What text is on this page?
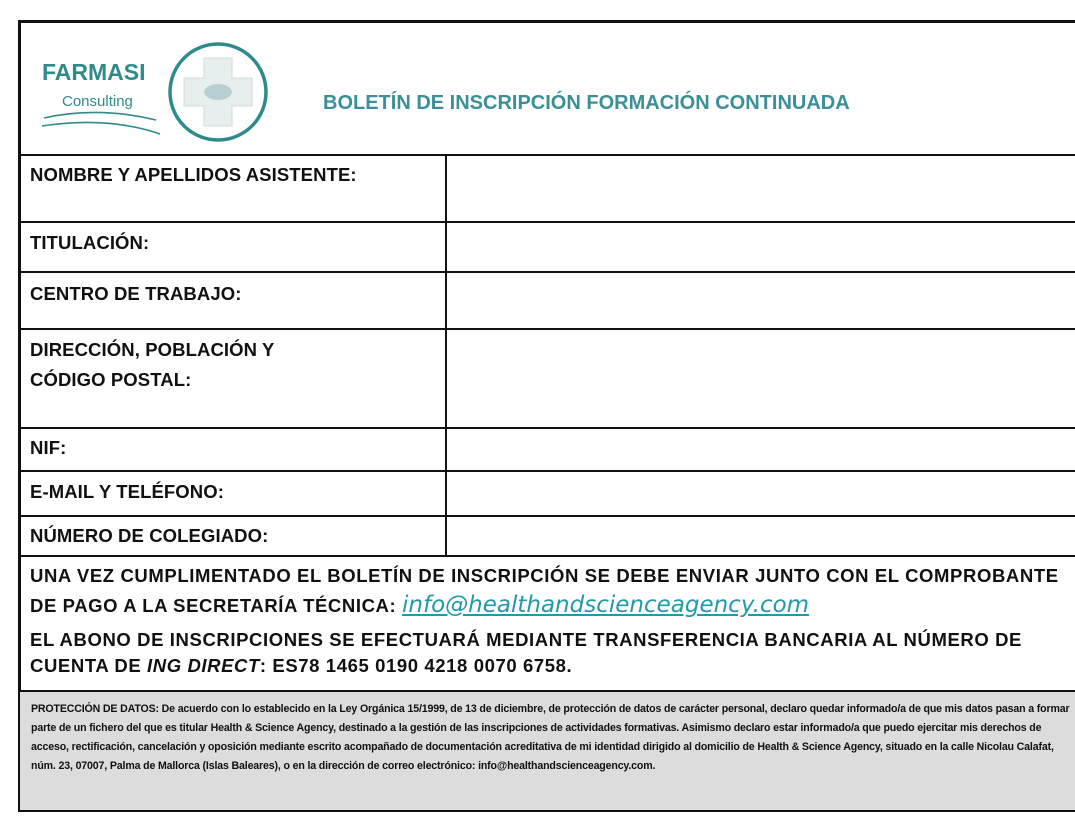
FARMASI
Consulting	BOLETÍN DE INSCRIPCIÓN FORMACIÓN CONTINUADA
NOMBRE Y APELLIDOS ASISTENTE:
TITULACIÓN:
CENTRO DE TRABAJO:
DIRECCIÓN, POBLACIÓN Y
CÓDIGO POSTAL:
NIF:
E-MAIL Y TELÉFONO:
NÚMERO DE COLEGIADO:
UNA VEZ CUMPLIMENTADO EL BOLETÍN DE INSCRIPCIÓN SE DEBE ENVIAR JUNTO CON EL COMPROBANTE
DE PAGO A LA SECRETARÍA TÉCNICA: info@healthandscienceagency.com
EL ABONO DE INSCRIPCIONES SE EFECTUARÁ MEDIANTE TRANSFERENCIA BANCARIA AL NÚMERO DE
CUENTA DE ING DIRECT: ES78 1465 0190 4218 0070 6758.
PROTECCIÓN DE DATOS: De acuerdo con lo establecido en la Ley Orgánica 15/1999, de 13 de diciembre, de protección de datos de carácter personal, declaro quedar informado/a de que mis datos pasan a formar parte de un fichero del que es titular Health & Science Agency, destinado a la gestión de las inscripciones de actividades formativas. Asimismo declaro estar informado/a que puedo ejercitar mis derechos de acceso, rectificación, cancelación y oposición mediante escrito acompañado de documentación acreditativa de mi identidad dirigido al domicilio de Health & Science Agency, situado en la calle Nicolau Calafat, núm. 23, 07007, Palma de Mallorca (Islas Baleares), o en la dirección de correo electrónico: info@healthandscienceagency.com.
